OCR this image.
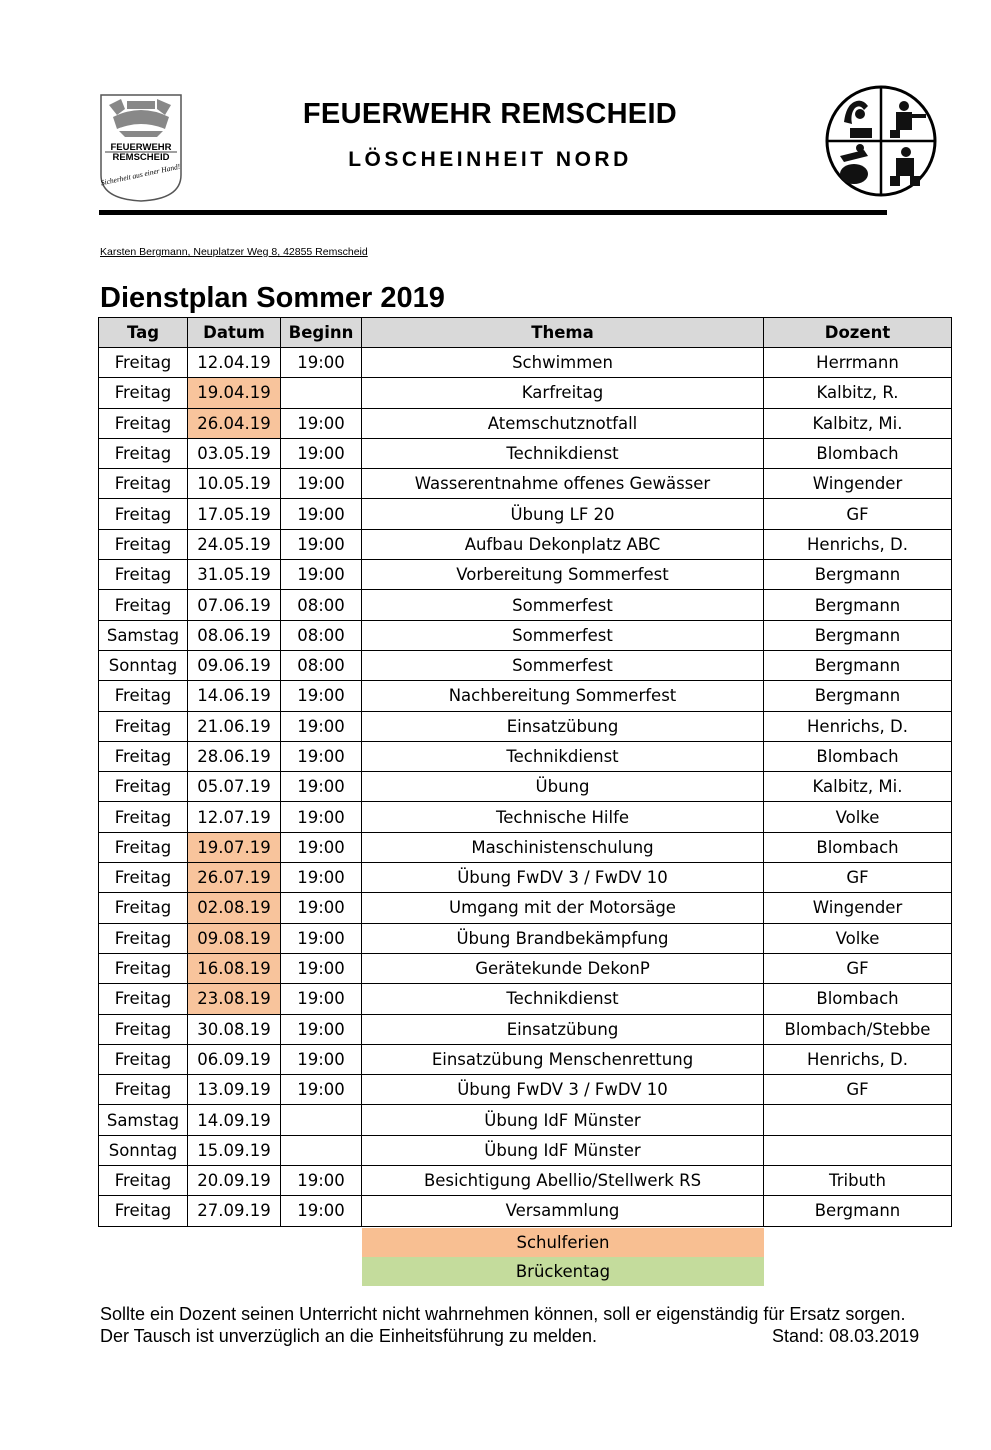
FEUERWEHR
REMSCHEID
Sicherheit aus einer Hand!
FEUERWEHR REMSCHEID
LÖSCHEINHEIT NORD
Karsten Bergmann, Neuplatzer Weg 8, 42855 Remscheid
Dienstplan Sommer 2019
Tag	Datum	Beginn	Thema	Dozent
Freitag	12.04.19	19:00	Schwimmen	Herrmann
Freitag	19.04.19		Karfreitag	Kalbitz, R.
Freitag	26.04.19	19:00	Atemschutznotfall	Kalbitz, Mi.
Freitag	03.05.19	19:00	Technikdienst	Blombach
Freitag	10.05.19	19:00	Wasserentnahme offenes Gewässer	Wingender
Freitag	17.05.19	19:00	Übung LF 20	GF
Freitag	24.05.19	19:00	Aufbau Dekonplatz ABC	Henrichs, D.
Freitag	31.05.19	19:00	Vorbereitung Sommerfest	Bergmann
Freitag	07.06.19	08:00	Sommerfest	Bergmann
Samstag	08.06.19	08:00	Sommerfest	Bergmann
Sonntag	09.06.19	08:00	Sommerfest	Bergmann
Freitag	14.06.19	19:00	Nachbereitung Sommerfest	Bergmann
Freitag	21.06.19	19:00	Einsatzübung	Henrichs, D.
Freitag	28.06.19	19:00	Technikdienst	Blombach
Freitag	05.07.19	19:00	Übung	Kalbitz, Mi.
Freitag	12.07.19	19:00	Technische Hilfe	Volke
Freitag	19.07.19	19:00	Maschinistenschulung	Blombach
Freitag	26.07.19	19:00	Übung FwDV 3 / FwDV 10	GF
Freitag	02.08.19	19:00	Umgang mit der Motorsäge	Wingender
Freitag	09.08.19	19:00	Übung Brandbekämpfung	Volke
Freitag	16.08.19	19:00	Gerätekunde DekonP	GF
Freitag	23.08.19	19:00	Technikdienst	Blombach
Freitag	30.08.19	19:00	Einsatzübung	Blombach/Stebbe
Freitag	06.09.19	19:00	Einsatzübung Menschenrettung	Henrichs, D.
Freitag	13.09.19	19:00	Übung FwDV 3 / FwDV 10	GF
Samstag	14.09.19		Übung IdF Münster	
Sonntag	15.09.19		Übung IdF Münster	
Freitag	20.09.19	19:00	Besichtigung Abellio/Stellwerk RS	Tributh
Freitag	27.09.19	19:00	Versammlung	Bergmann
Schulferien
Brückentag
Sollte ein Dozent seinen Unterricht nicht wahrnehmen können, soll er eigenständig für Ersatz sorgen. Der Tausch ist unverzüglich an die Einheitsführung zu melden.	Stand: 08.03.2019
